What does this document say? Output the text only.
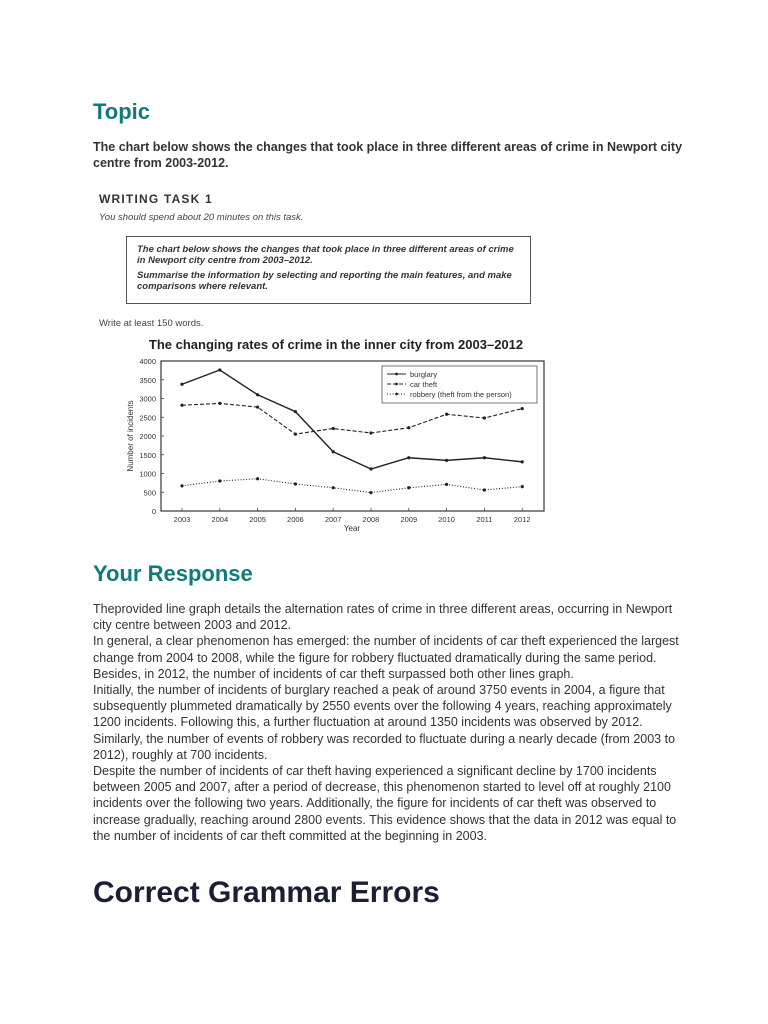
Topic

The chart below shows the changes that took place in three different areas of crime in Newport city centre from 2003-2012.

WRITING TASK 1

You should spend about 20 minutes on this task.

The chart below shows the changes that took place in three different areas of crime in Newport city centre from 2003–2012.

Summarise the information by selecting and reporting the main features, and make comparisons where relevant.

Write at least 150 words.

The changing rates of crime in the inner city from 2003–2012
0
500
1000
1500
2000
2500
3000
3500
4000
2003	2004	2005	2006	2007	2008	2009	2010	2011	2012
Number of incidents
Year
burglary
car theft
robbery (theft from the person)
Your Response

Theprovided line graph details the alternation rates of crime in three different areas, occurring in Newport city centre between 2003 and 2012.

In general, a clear phenomenon has emerged: the number of incidents of car theft experienced the largest change from 2004 to 2008, while the figure for robbery fluctuated dramatically during the same period. Besides, in 2012, the number of incidents of car theft surpassed both other lines graph.

Initially, the number of incidents of burglary reached a peak of around 3750 events in 2004, a figure that subsequently plummeted dramatically by 2550 events over the following 4 years, reaching approximately 1200 incidents. Following this, a further fluctuation at around 1350 incidents was observed by 2012. Similarly, the number of events of robbery was recorded to fluctuate during a nearly decade (from 2003 to 2012), roughly at 700 incidents.

Despite the number of incidents of car theft having experienced a significant decline by 1700 incidents between 2005 and 2007, after a period of decrease, this phenomenon started to level off at roughly 2100 incidents over the following two years. Additionally, the figure for incidents of car theft was observed to increase gradually, reaching around 2800 events. This evidence shows that the data in 2012 was equal to the number of incidents of car theft committed at the beginning in 2003.

Correct Grammar Errors
